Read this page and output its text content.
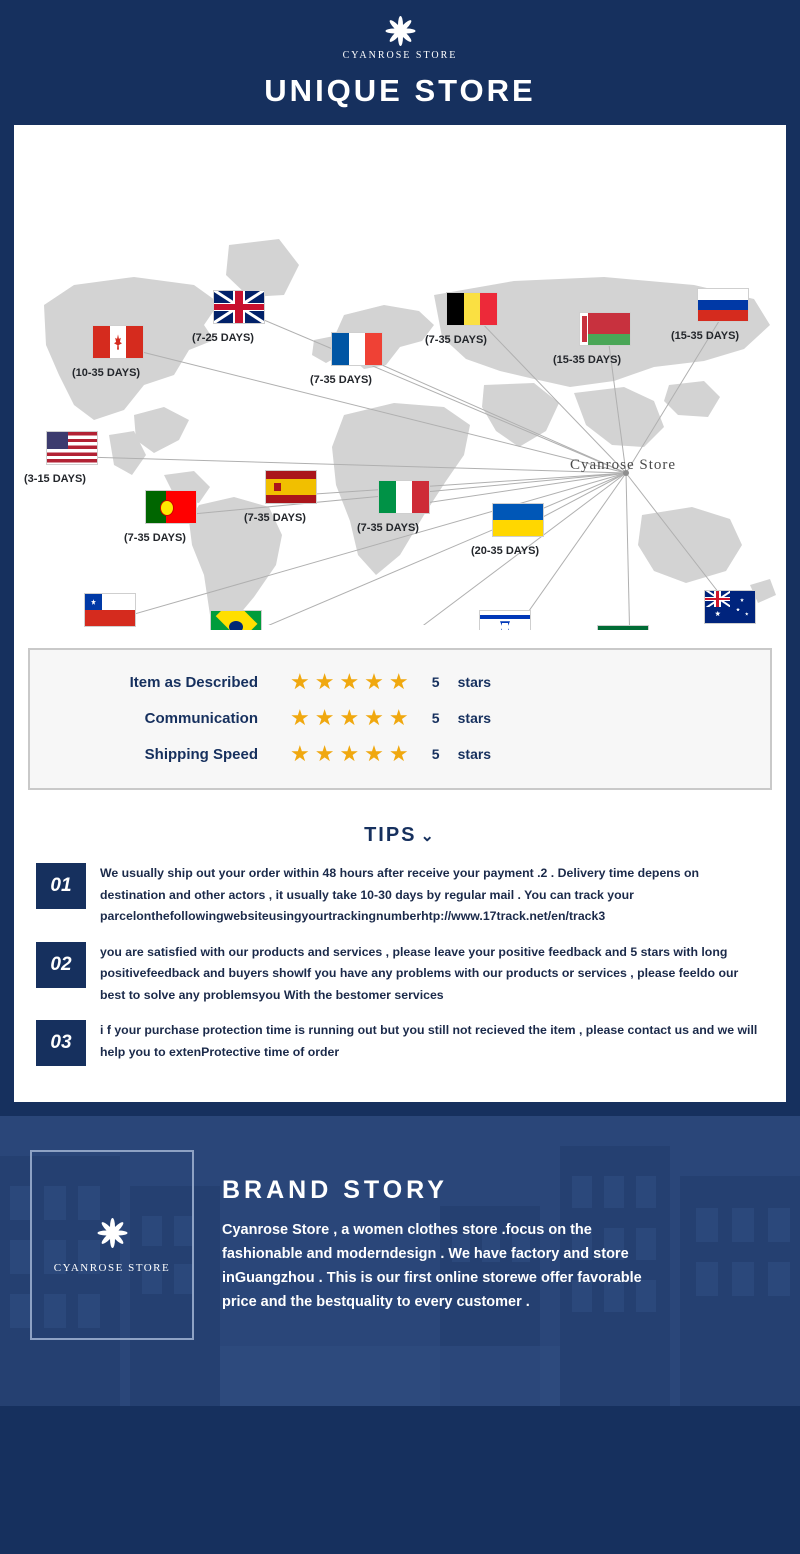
CYANROSE STORE
UNIQUE STORE
Cyanrose Store
(10-35 DAYS)
(7-25 DAYS)
(7-35 DAYS)
(7-35 DAYS)
(15-35 DAYS)
(15-35 DAYS)
(3-15 DAYS)
(7-35 DAYS)
(7-35 DAYS)
(7-35 DAYS)
(20-35 DAYS)
Item as Described	★★★★★	5	stars
Communication	★★★★★	5	stars
Shipping Speed	★★★★★	5	stars
TIPS ⌄
01
We usually ship out your order within 48 hours after receive your payment .2 . Delivery time depens on destination and other actors , it usually take 10-30 days by regular mail . You can track your parcelonthefollowingwebsiteusingyourtrackingnumberhtp://www.17track.net/en/track3
02
you are satisfied with our products and services , please leave your positive feedback and 5 stars with long positivefeedback and buyers showIf you have any problems with our products or services , please feeldo our best to solve any problemsyou With the bestomer services
03
i f your purchase protection time is running out but you still not recieved the item , please contact us and we will help you to extenProtective time of order
CYANROSE STORE
BRAND STORY
Cyanrose Store , a women clothes store .focus on the fashionable and moderndesign . We have factory and store inGuangzhou . This is our first online storewe offer favorable price and the bestquality to every customer .
